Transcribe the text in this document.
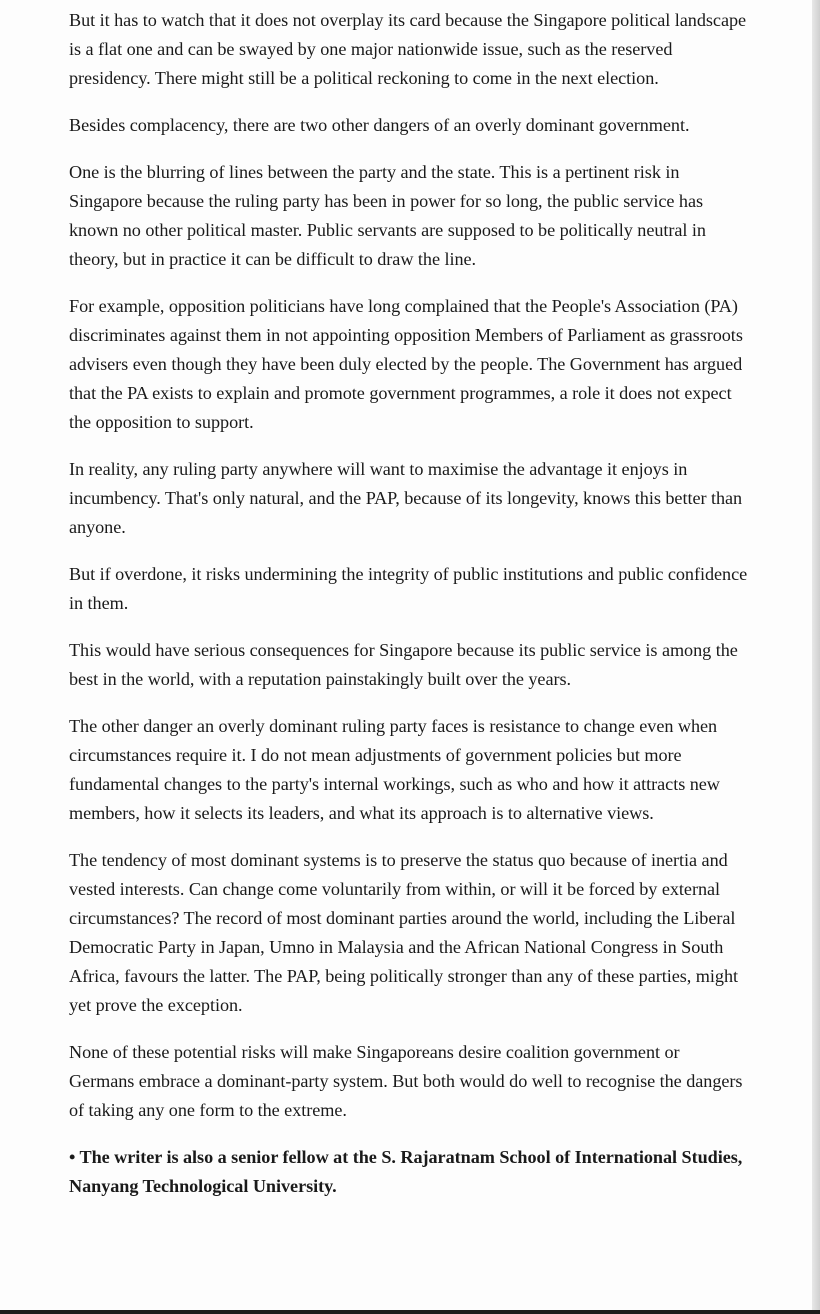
But it has to watch that it does not overplay its card because the Singapore political landscape is a flat one and can be swayed by one major nationwide issue, such as the reserved presidency. There might still be a political reckoning to come in the next election.

Besides complacency, there are two other dangers of an overly dominant government.

One is the blurring of lines between the party and the state. This is a pertinent risk in Singapore because the ruling party has been in power for so long, the public service has known no other political master. Public servants are supposed to be politically neutral in theory, but in practice it can be difficult to draw the line.

For example, opposition politicians have long complained that the People's Association (PA) discriminates against them in not appointing opposition Members of Parliament as grassroots advisers even though they have been duly elected by the people. The Government has argued that the PA exists to explain and promote government programmes, a role it does not expect the opposition to support.

In reality, any ruling party anywhere will want to maximise the advantage it enjoys in incumbency. That's only natural, and the PAP, because of its longevity, knows this better than anyone.

But if overdone, it risks undermining the integrity of public institutions and public confidence in them.

This would have serious consequences for Singapore because its public service is among the best in the world, with a reputation painstakingly built over the years.

The other danger an overly dominant ruling party faces is resistance to change even when circumstances require it. I do not mean adjustments of government policies but more fundamental changes to the party's internal workings, such as who and how it attracts new members, how it selects its leaders, and what its approach is to alternative views.

The tendency of most dominant systems is to preserve the status quo because of inertia and vested interests. Can change come voluntarily from within, or will it be forced by external circumstances? The record of most dominant parties around the world, including the Liberal Democratic Party in Japan, Umno in Malaysia and the African National Congress in South Africa, favours the latter. The PAP, being politically stronger than any of these parties, might yet prove the exception.

None of these potential risks will make Singaporeans desire coalition government or Germans embrace a dominant-party system. But both would do well to recognise the dangers of taking any one form to the extreme.

• The writer is also a senior fellow at the S. Rajaratnam School of International Studies, Nanyang Technological University.
